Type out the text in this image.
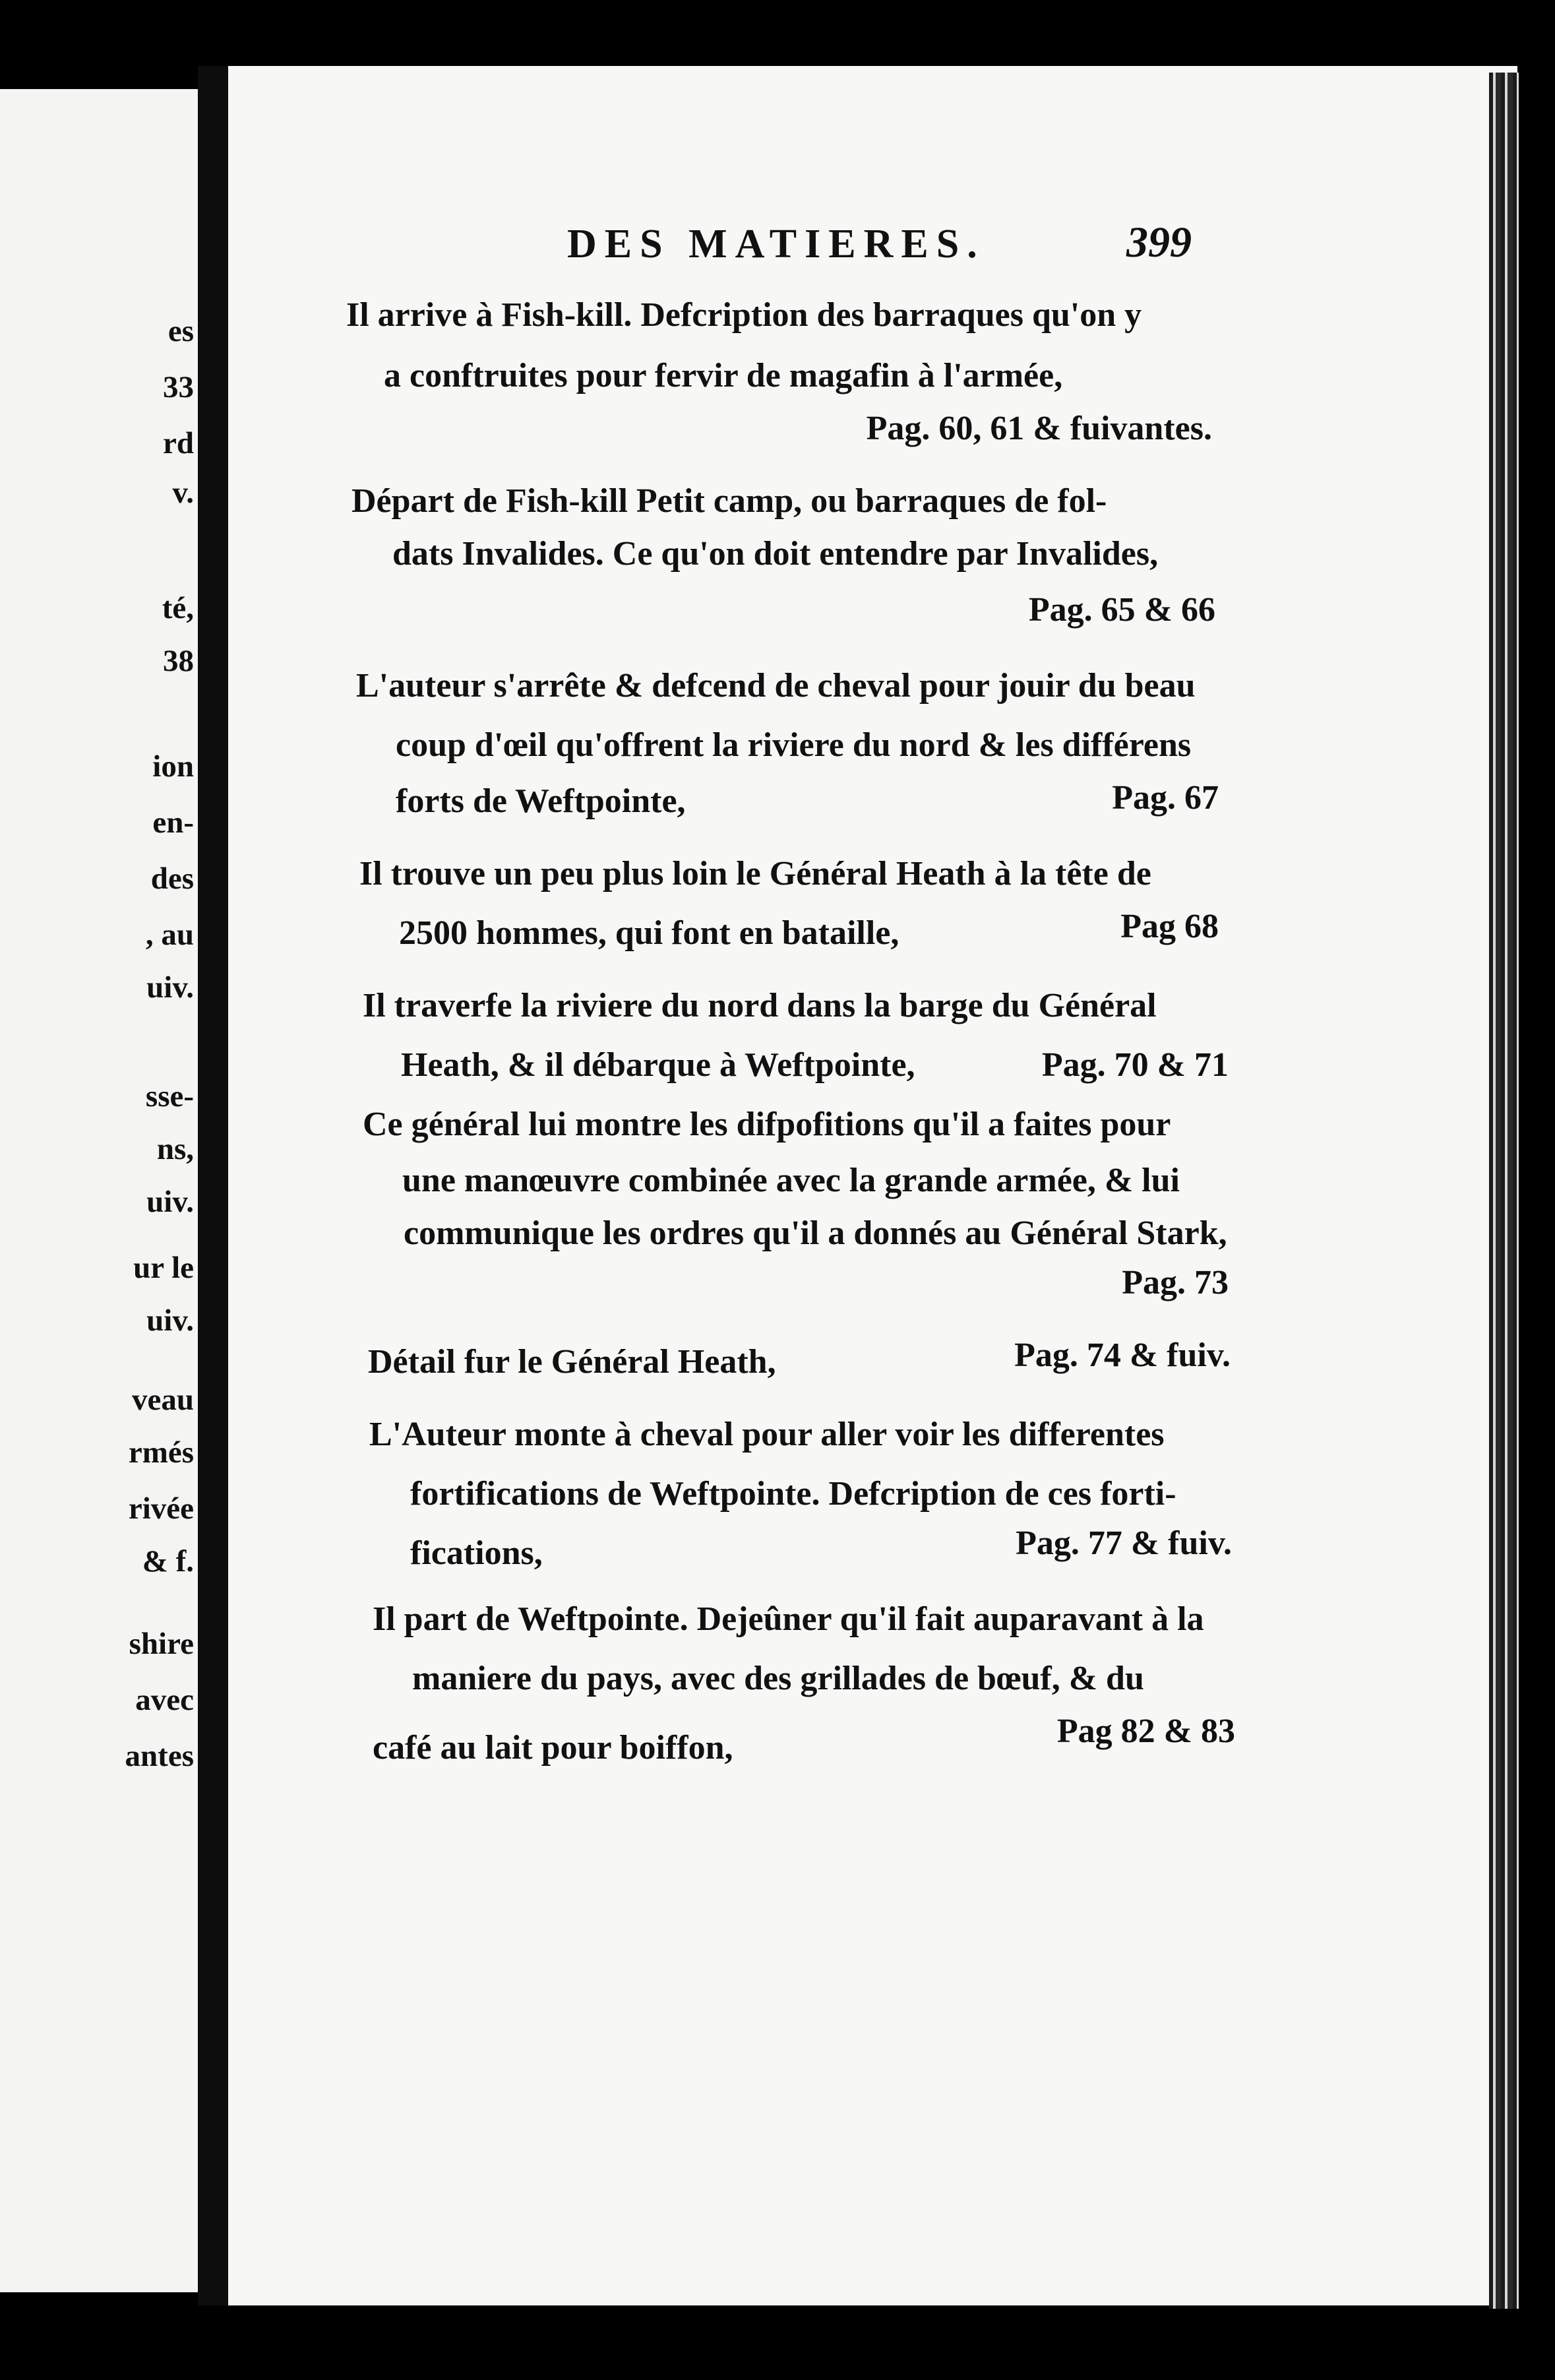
es
33
rd
v.
té,
38
ion
en-
des
, au
uiv.
sse-
ns,
uiv.
ur le
uiv.
veau
rmés
rivée
& f.
shire
avec
antes
DES MATIERES.	399
Il arrive à Fish-kill. Defcription des barraques qu'on y
a conftruites pour fervir de magafin à l'armée,
Pag. 60, 61 & fuivantes.
Départ de Fish-kill Petit camp, ou barraques de fol-
dats Invalides. Ce qu'on doit entendre par Invalides,
Pag. 65 & 66
L'auteur s'arrête & defcend de cheval pour jouir du beau
coup d'œil qu'offrent la riviere du nord & les différens
forts de Weftpointe,	Pag. 67
Il trouve un peu plus loin le Général Heath à la tête de
2500 hommes, qui font en bataille,	Pag 68
Il traverfe la riviere du nord dans la barge du Général
Heath, & il débarque à Weftpointe,	Pag. 70 & 71
Ce général lui montre les difpofitions qu'il a faites pour
une manœuvre combinée avec la grande armée, & lui
communique les ordres qu'il a donnés au Général Stark,
Pag. 73
Détail fur le Général Heath,	Pag. 74 & fuiv.
L'Auteur monte à cheval pour aller voir les differentes
fortifications de Weftpointe. Defcription de ces forti-
fications,	Pag. 77 & fuiv.
Il part de Weftpointe. Dejeûner qu'il fait auparavant à la
maniere du pays, avec des grillades de bœuf, & du
café au lait pour boiffon,	Pag 82 & 83
